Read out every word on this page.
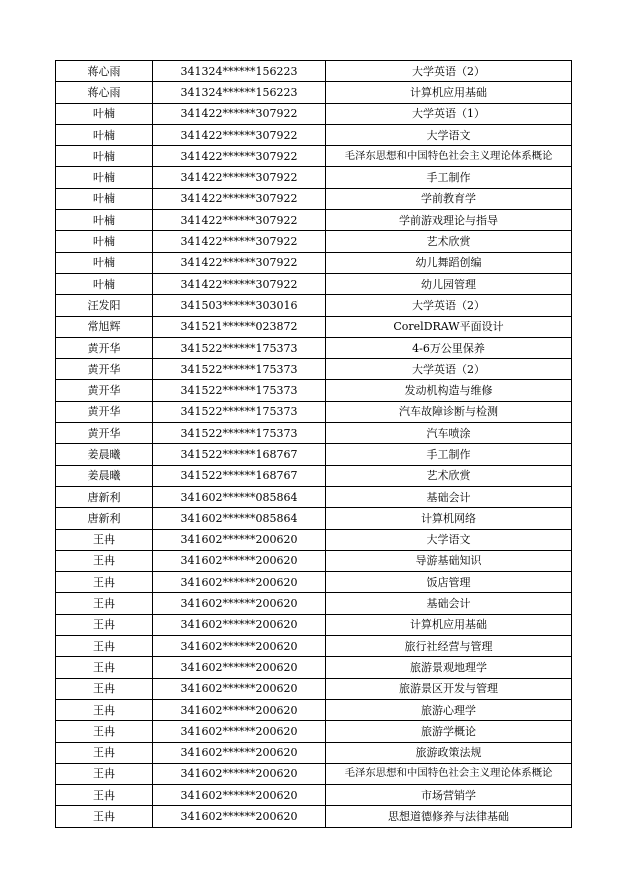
蒋心雨	341324******156223	大学英语（2）
蒋心雨	341324******156223	计算机应用基础
叶楠	341422******307922	大学英语（1）
叶楠	341422******307922	大学语文
叶楠	341422******307922	毛泽东思想和中国特色社会主义理论体系概论
叶楠	341422******307922	手工制作
叶楠	341422******307922	学前教育学
叶楠	341422******307922	学前游戏理论与指导
叶楠	341422******307922	艺术欣赏
叶楠	341422******307922	幼儿舞蹈创编
叶楠	341422******307922	幼儿园管理
汪发阳	341503******303016	大学英语（2）
常旭辉	341521******023872	CorelDRAW平面设计
黄开华	341522******175373	4-6万公里保养
黄开华	341522******175373	大学英语（2）
黄开华	341522******175373	发动机构造与维修
黄开华	341522******175373	汽车故障诊断与检测
黄开华	341522******175373	汽车喷涂
姜晨曦	341522******168767	手工制作
姜晨曦	341522******168767	艺术欣赏
唐新利	341602******085864	基础会计
唐新利	341602******085864	计算机网络
王冉	341602******200620	大学语文
王冉	341602******200620	导游基础知识
王冉	341602******200620	饭店管理
王冉	341602******200620	基础会计
王冉	341602******200620	计算机应用基础
王冉	341602******200620	旅行社经营与管理
王冉	341602******200620	旅游景观地理学
王冉	341602******200620	旅游景区开发与管理
王冉	341602******200620	旅游心理学
王冉	341602******200620	旅游学概论
王冉	341602******200620	旅游政策法规
王冉	341602******200620	毛泽东思想和中国特色社会主义理论体系概论
王冉	341602******200620	市场营销学
王冉	341602******200620	思想道德修养与法律基础
